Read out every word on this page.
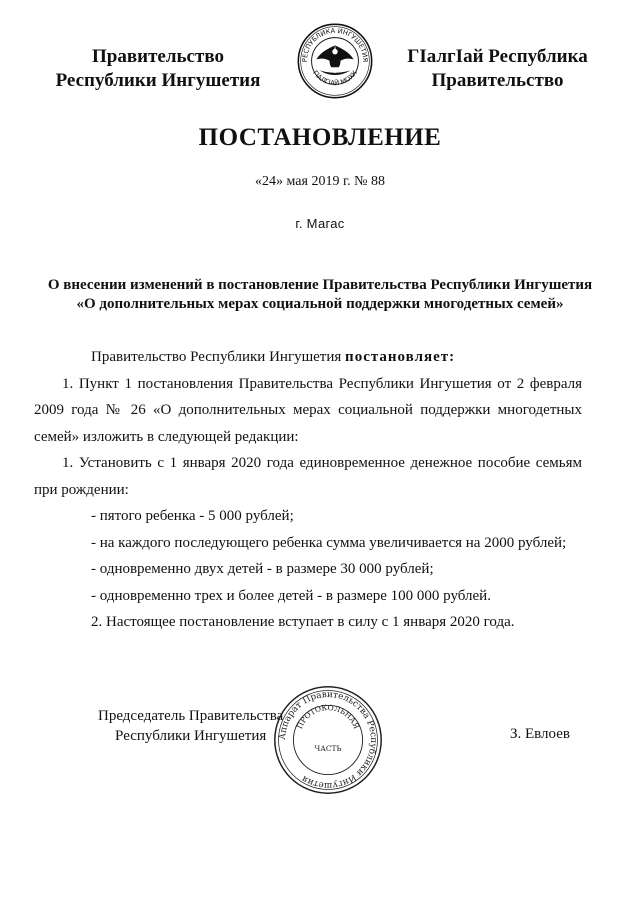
Правительство
Республики Ингушетия
РЕСПУБЛИКА ИНГУШЕТИЯ
ГIАЛГIАЙ МОХК
ГIалгIай Республика
Правительство
ПОСТАНОВЛЕНИЕ
«24» мая 2019 г. № 88
г. Магас
О внесении изменений в постановление Правительства Республики Ингушетия
«О дополнительных мерах социальной поддержки многодетных семей»
Правительство Республики Ингушетия постановляет:
1. Пункт 1 постановления Правительства Республики Ингушетия от 2 февраля
2009 года № 26 «О дополнительных мерах социальной поддержки многодетных
семей» изложить в следующей редакции:
1. Установить с 1 января 2020 года единовременное денежное пособие семьям
при рождении:
- пятого ребенка - 5 000 рублей;
- на каждого последующего ребенка сумма увеличивается на 2000 рублей;
- одновременно двух детей - в размере 30 000 рублей;
- одновременно трех и более детей - в размере 100 000 рублей.
2. Настоящее постановление вступает в силу с 1 января 2020 года.
Председатель Правительства
Республики Ингушетия	Аппарат Правительства Республики Ингушетия
ПРОТОКОЛЬНАЯ
ЧАСТЬ
З. Евлоев
